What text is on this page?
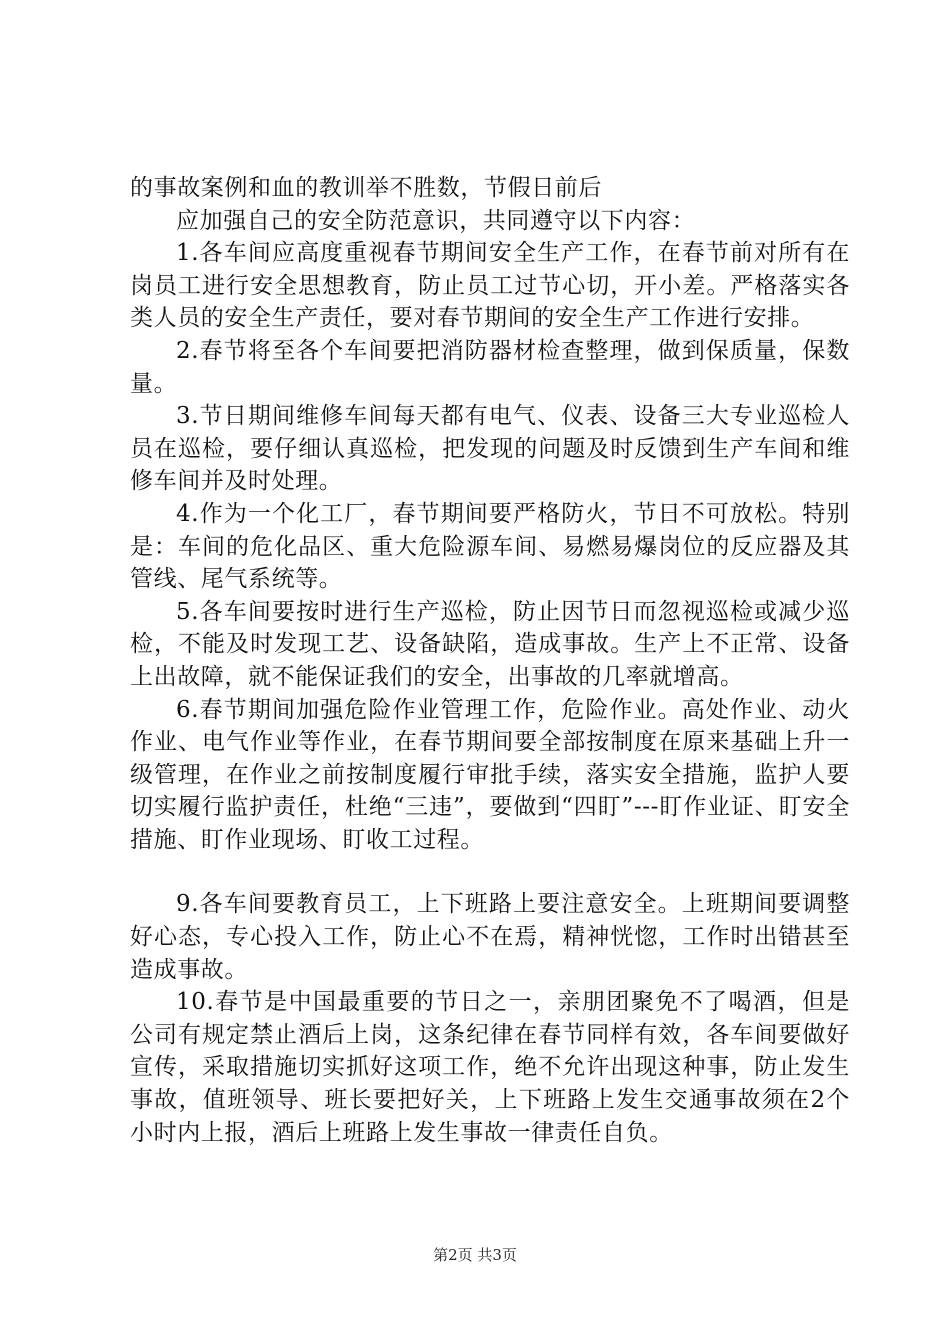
的事故案例和血的教训举不胜数，节假日前后

应加强自己的安全防范意识，共同遵守以下内容：

1.各车间应高度重视春节期间安全生产工作，在春节前对所有在岗员工进行安全思想教育，防止员工过节心切，开小差。严格落实各类人员的安全生产责任，要对春节期间的安全生产工作进行安排。

2.春节将至各个车间要把消防器材检查整理，做到保质量，保数量。

3.节日期间维修车间每天都有电气、仪表、设备三大专业巡检人员在巡检，要仔细认真巡检，把发现的问题及时反馈到生产车间和维修车间并及时处理。

4.作为一个化工厂，春节期间要严格防火，节日不可放松。特别是：车间的危化品区、重大危险源车间、易燃易爆岗位的反应器及其管线、尾气系统等。

5.各车间要按时进行生产巡检，防止因节日而忽视巡检或减少巡检，不能及时发现工艺、设备缺陷，造成事故。生产上不正常、设备上出故障，就不能保证我们的安全，出事故的几率就增高。

6.春节期间加强危险作业管理工作，危险作业。高处作业、动火作业、电气作业等作业，在春节期间要全部按制度在原来基础上升一级管理，在作业之前按制度履行审批手续，落实安全措施，监护人要切实履行监护责任，杜绝“三违”，要做到“四盯”---盯作业证、盯安全措施、盯作业现场、盯收工过程。

9.各车间要教育员工，上下班路上要注意安全。上班期间要调整好心态，专心投入工作，防止心不在焉，精神恍惚，工作时出错甚至造成事故。

10.春节是中国最重要的节日之一，亲朋团聚免不了喝酒，但是公司有规定禁止酒后上岗，这条纪律在春节同样有效，各车间要做好宣传，采取措施切实抓好这项工作，绝不允许出现这种事，防止发生事故，值班领导、班长要把好关，上下班路上发生交通事故须在2个小时内上报，酒后上班路上发生事故一律责任自负。

第2页 共3页
